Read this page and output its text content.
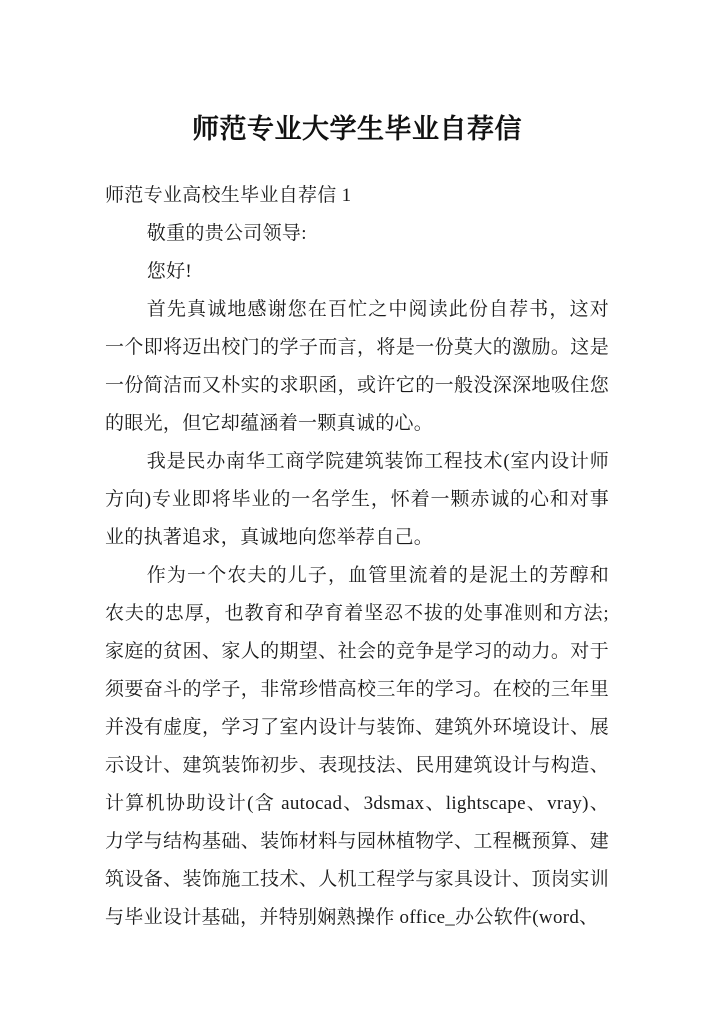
师范专业大学生毕业自荐信

师范专业高校生毕业自荐信 1

敬重的贵公司领导:

您好!

首先真诚地感谢您在百忙之中阅读此份自荐书，这对一个即将迈出校门的学子而言，将是一份莫大的激励。这是一份简洁而又朴实的求职函，或许它的一般没深深地吸住您的眼光，但它却蕴涵着一颗真诚的心。

我是民办南华工商学院建筑装饰工程技术(室内设计师方向)专业即将毕业的一名学生，怀着一颗赤诚的心和对事业的执著追求，真诚地向您举荐自己。

作为一个农夫的儿子，血管里流着的是泥土的芳醇和农夫的忠厚，也教育和孕育着坚忍不拔的处事准则和方法;家庭的贫困、家人的期望、社会的竞争是学习的动力。对于须要奋斗的学子，非常珍惜高校三年的学习。在校的三年里并没有虚度，学习了室内设计与装饰、建筑外环境设计、展示设计、建筑装饰初步、表现技法、民用建筑设计与构造、计算机协助设计(含 autocad、3dsmax、lightscape、vray)、力学与结构基础、装饰材料与园林植物学、工程概预算、建筑设备、装饰施工技术、人机工程学与家具设计、顶岗实训与毕业设计基础，并特别娴熟操作 office_办公软件(word、
